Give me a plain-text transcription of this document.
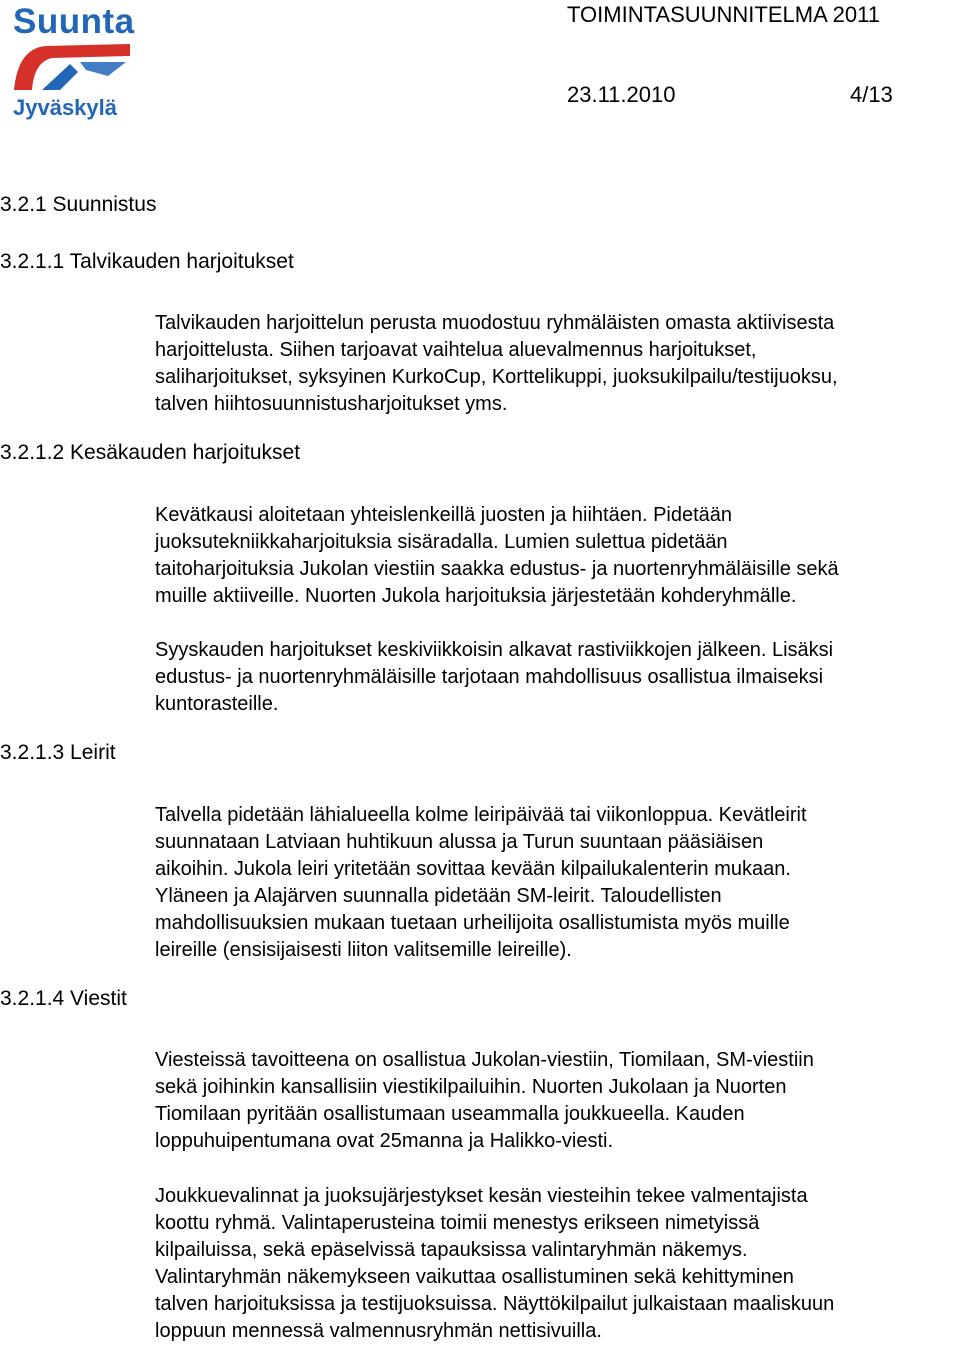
Suunta
Jyväskylä
TOIMINTASUUNNITELMA 2011
23.11.2010	4/13
3.2.1 Suunnistus
3.2.1.1 Talvikauden harjoitukset
3.2.1.2 Kesäkauden harjoitukset
3.2.1.3 Leirit
3.2.1.4 Viestit
Talvikauden harjoittelun perusta muodostuu ryhmäläisten omasta aktiivisesta
harjoittelusta. Siihen tarjoavat vaihtelua aluevalmennus harjoitukset,
saliharjoitukset, syksyinen KurkoCup, Korttelikuppi, juoksukilpailu/testijuoksu,
talven hiihtosuunnistusharjoitukset yms.
Kevätkausi aloitetaan yhteislenkeillä juosten ja hiihtäen. Pidetään
juoksutekniikkaharjoituksia sisäradalla. Lumien sulettua pidetään
taitoharjoituksia Jukolan viestiin saakka edustus- ja nuortenryhmäläisille sekä
muille aktiiveille. Nuorten Jukola harjoituksia järjestetään kohderyhmälle.
Syyskauden harjoitukset keskiviikkoisin alkavat rastiviikkojen jälkeen. Lisäksi
edustus- ja nuortenryhmäläisille tarjotaan mahdollisuus osallistua ilmaiseksi
kuntorasteille.
Talvella pidetään lähialueella kolme leiripäivää tai viikonloppua. Kevätleirit
suunnataan Latviaan huhtikuun alussa ja Turun suuntaan pääsiäisen
aikoihin. Jukola leiri yritetään sovittaa kevään kilpailukalenterin mukaan.
Yläneen ja Alajärven suunnalla pidetään SM-leirit. Taloudellisten
mahdollisuuksien mukaan tuetaan urheilijoita osallistumista myös muille
leireille (ensisijaisesti liiton valitsemille leireille).
Viesteissä tavoitteena on osallistua Jukolan-viestiin, Tiomilaan, SM-viestiin
sekä joihinkin kansallisiin viestikilpailuihin. Nuorten Jukolaan ja Nuorten
Tiomilaan pyritään osallistumaan useammalla joukkueella. Kauden
loppuhuipentumana ovat 25manna ja Halikko-viesti.
Joukkuevalinnat ja juoksujärjestykset kesän viesteihin tekee valmentajista
koottu ryhmä. Valintaperusteina toimii menestys erikseen nimetyissä
kilpailuissa, sekä epäselvissä tapauksissa valintaryhmän näkemys.
Valintaryhmän näkemykseen vaikuttaa osallistuminen sekä kehittyminen
talven harjoituksissa ja testijuoksuissa. Näyttökilpailut julkaistaan maaliskuun
loppuun mennessä valmennusryhmän nettisivuilla.
